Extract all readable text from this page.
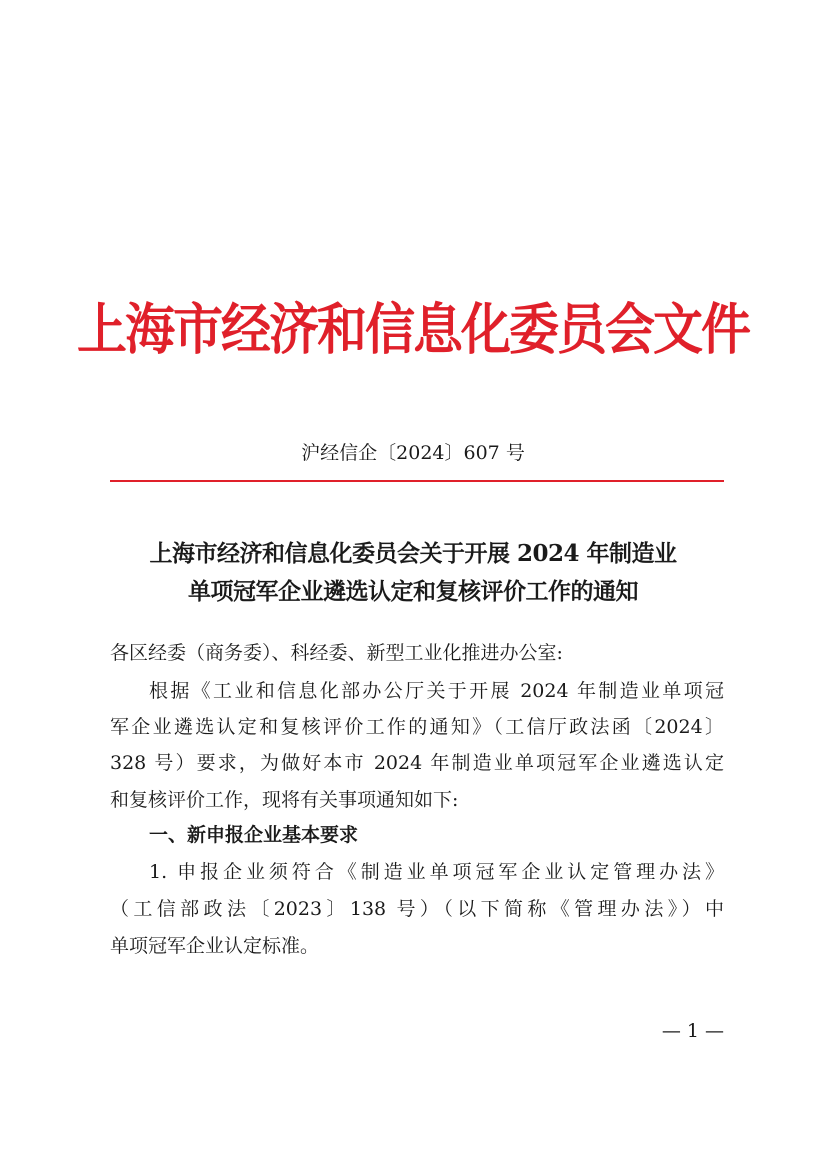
上海市经济和信息化委员会文件
沪经信企〔2024〕607 号
上海市经济和信息化委员会关于开展 2024 年制造业
单项冠军企业遴选认定和复核评价工作的通知
各区经委（商务委）、科经委、新型工业化推进办公室:
根据《工业和信息化部办公厅关于开展 2024 年制造业单项冠
军企业遴选认定和复核评价工作的通知》（工信厅政法函〔2024〕
328 号）要求，为做好本市 2024 年制造业单项冠军企业遴选认定
和复核评价工作，现将有关事项通知如下:
一、新申报企业基本要求
1. 申报企业须符合《制造业单项冠军企业认定管理办法》
（工信部政法〔2023〕138 号）（以下简称《管理办法》）中
单项冠军企业认定标准。
— 1 —
